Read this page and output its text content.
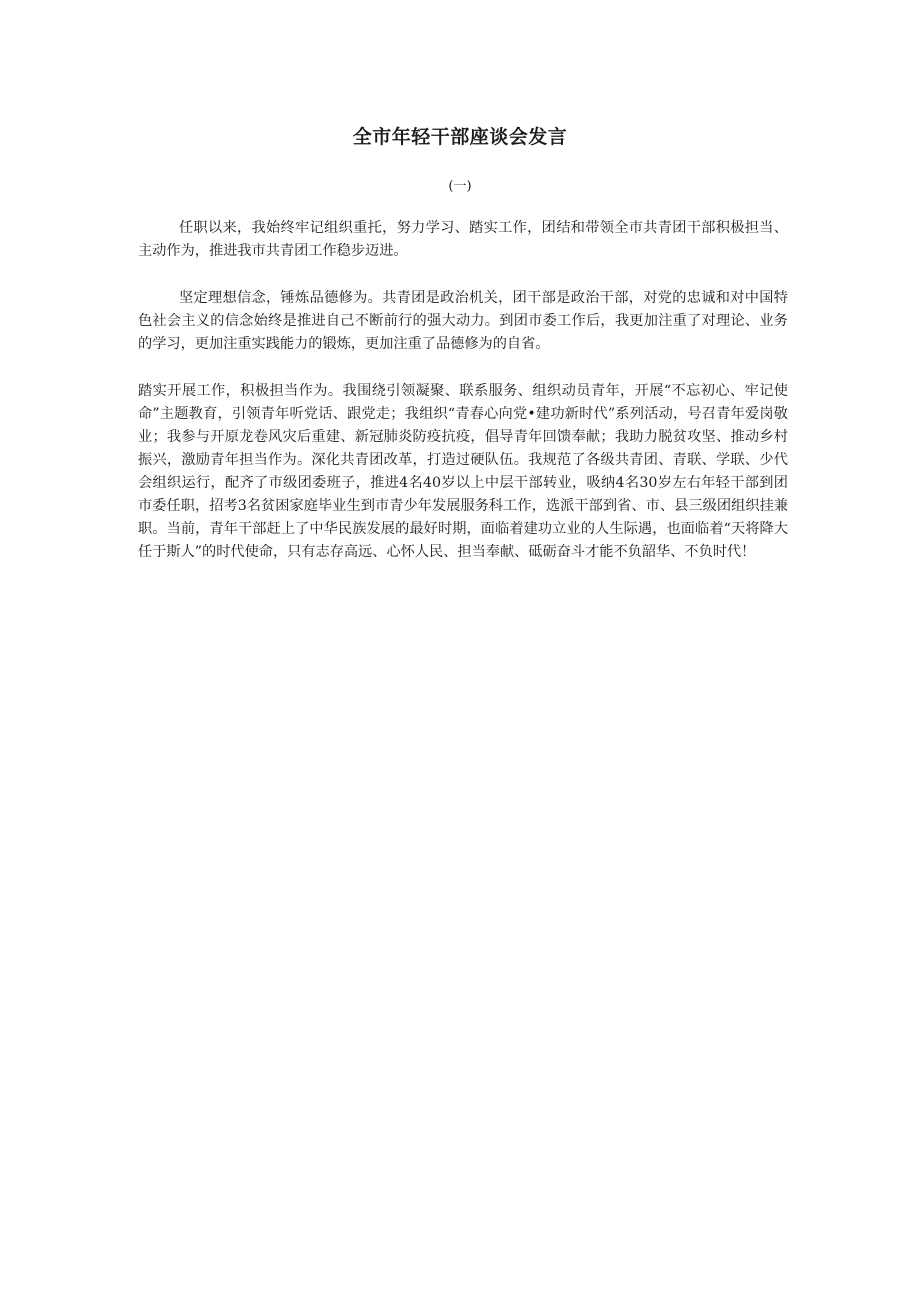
全市年轻干部座谈会发言
(一)

任职以来，我始终牢记组织重托，努力学习、踏实工作，团结和带领全市共青团干部积极担当、主动作为，推进我市共青团工作稳步迈进。

坚定理想信念，锤炼品德修为。共青团是政治机关，团干部是政治干部，对党的忠诚和对中国特色社会主义的信念始终是推进自己不断前行的强大动力。到团市委工作后，我更加注重了对理论、业务的学习，更加注重实践能力的锻炼，更加注重了品德修为的自省。

踏实开展工作，积极担当作为。我围绕引领凝聚、联系服务、组织动员青年，开展“不忘初心、牢记使命”主题教育，引领青年听党话、跟党走；我组织“青春心向党•建功新时代”系列活动，号召青年爱岗敬业；我参与开原龙卷风灾后重建、新冠肺炎防疫抗疫，倡导青年回馈奉献；我助力脱贫攻坚、推动乡村振兴，激励青年担当作为。深化共青团改革，打造过硬队伍。我规范了各级共青团、青联、学联、少代会组织运行，配齐了市级团委班子，推进4名40岁以上中层干部转业，吸纳4名30岁左右年轻干部到团市委任职，招考3名贫困家庭毕业生到市青少年发展服务科工作，选派干部到省、市、县三级团组织挂兼职。当前，青年干部赶上了中华民族发展的最好时期，面临着建功立业的人生际遇，也面临着“天将降大任于斯人”的时代使命，只有志存高远、心怀人民、担当奉献、砥砺奋斗才能不负韶华、不负时代！
